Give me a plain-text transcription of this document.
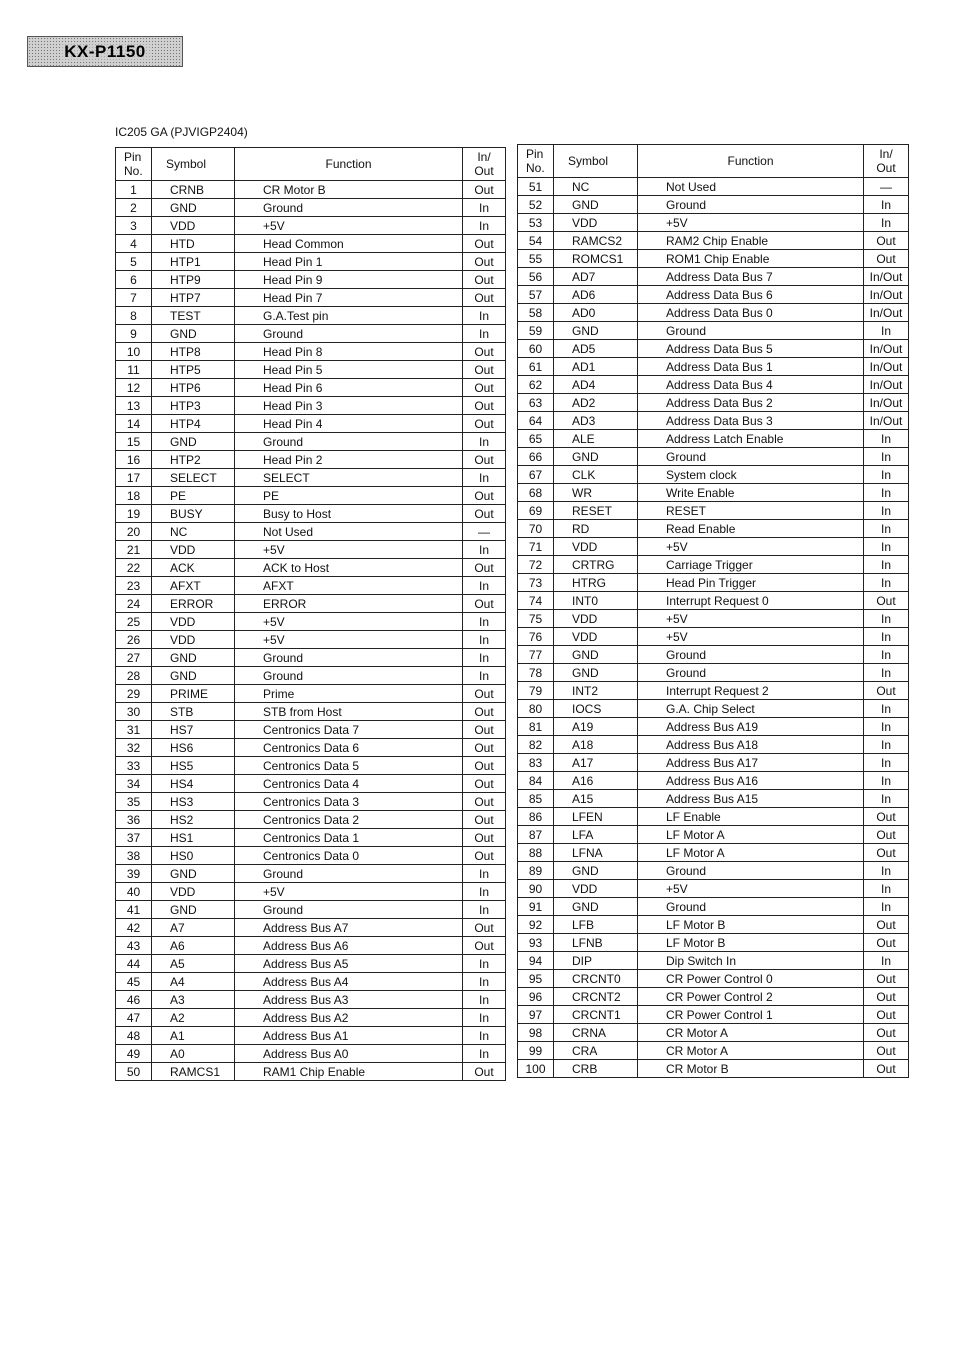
KX-P1150
IC205 GA (PJVIGP2404)
Pin
No.	Symbol	Function	In/
Out
1	CRNB	CR Motor B	Out
2	GND	Ground	In
3	VDD	+5V	In
4	HTD	Head Common	Out
5	HTP1	Head Pin 1	Out
6	HTP9	Head Pin 9	Out
7	HTP7	Head Pin 7	Out
8	TEST	G.A.Test pin	In
9	GND	Ground	In
10	HTP8	Head Pin 8	Out
11	HTP5	Head Pin 5	Out
12	HTP6	Head Pin 6	Out
13	HTP3	Head Pin 3	Out
14	HTP4	Head Pin 4	Out
15	GND	Ground	In
16	HTP2	Head Pin 2	Out
17	SELECT	SELECT	In
18	PE	PE	Out
19	BUSY	Busy to Host	Out
20	NC	Not Used	—
21	VDD	+5V	In
22	ACK	ACK to Host	Out
23	AFXT	AFXT	In
24	ERROR	ERROR	Out
25	VDD	+5V	In
26	VDD	+5V	In
27	GND	Ground	In
28	GND	Ground	In
29	PRIME	Prime	Out
30	STB	STB from Host	Out
31	HS7	Centronics Data 7	Out
32	HS6	Centronics Data 6	Out
33	HS5	Centronics Data 5	Out
34	HS4	Centronics Data 4	Out
35	HS3	Centronics Data 3	Out
36	HS2	Centronics Data 2	Out
37	HS1	Centronics Data 1	Out
38	HS0	Centronics Data 0	Out
39	GND	Ground	In
40	VDD	+5V	In
41	GND	Ground	In
42	A7	Address Bus A7	Out
43	A6	Address Bus A6	Out
44	A5	Address Bus A5	In
45	A4	Address Bus A4	In
46	A3	Address Bus A3	In
47	A2	Address Bus A2	In
48	A1	Address Bus A1	In
49	A0	Address Bus A0	In
50	RAMCS1	RAM1 Chip Enable	Out
Pin
No.	Symbol	Function	In/
Out
51	NC	Not Used	—
52	GND	Ground	In
53	VDD	+5V	In
54	RAMCS2	RAM2 Chip Enable	Out
55	ROMCS1	ROM1 Chip Enable	Out
56	AD7	Address Data Bus 7	In/Out
57	AD6	Address Data Bus 6	In/Out
58	AD0	Address Data Bus 0	In/Out
59	GND	Ground	In
60	AD5	Address Data Bus 5	In/Out
61	AD1	Address Data Bus 1	In/Out
62	AD4	Address Data Bus 4	In/Out
63	AD2	Address Data Bus 2	In/Out
64	AD3	Address Data Bus 3	In/Out
65	ALE	Address Latch Enable	In
66	GND	Ground	In
67	CLK	System clock	In
68	WR	Write Enable	In
69	RESET	RESET	In
70	RD	Read Enable	In
71	VDD	+5V	In
72	CRTRG	Carriage Trigger	In
73	HTRG	Head Pin Trigger	In
74	INT0	Interrupt Request 0	Out
75	VDD	+5V	In
76	VDD	+5V	In
77	GND	Ground	In
78	GND	Ground	In
79	INT2	Interrupt Request 2	Out
80	IOCS	G.A. Chip Select	In
81	A19	Address Bus A19	In
82	A18	Address Bus A18	In
83	A17	Address Bus A17	In
84	A16	Address Bus A16	In
85	A15	Address Bus A15	In
86	LFEN	LF Enable	Out
87	LFA	LF Motor A	Out
88	LFNA	LF Motor A	Out
89	GND	Ground	In
90	VDD	+5V	In
91	GND	Ground	In
92	LFB	LF Motor B	Out
93	LFNB	LF Motor B	Out
94	DIP	Dip Switch In	In
95	CRCNT0	CR Power Control 0	Out
96	CRCNT2	CR Power Control 2	Out
97	CRCNT1	CR Power Control 1	Out
98	CRNA	CR Motor A	Out
99	CRA	CR Motor A	Out
100	CRB	CR Motor B	Out
